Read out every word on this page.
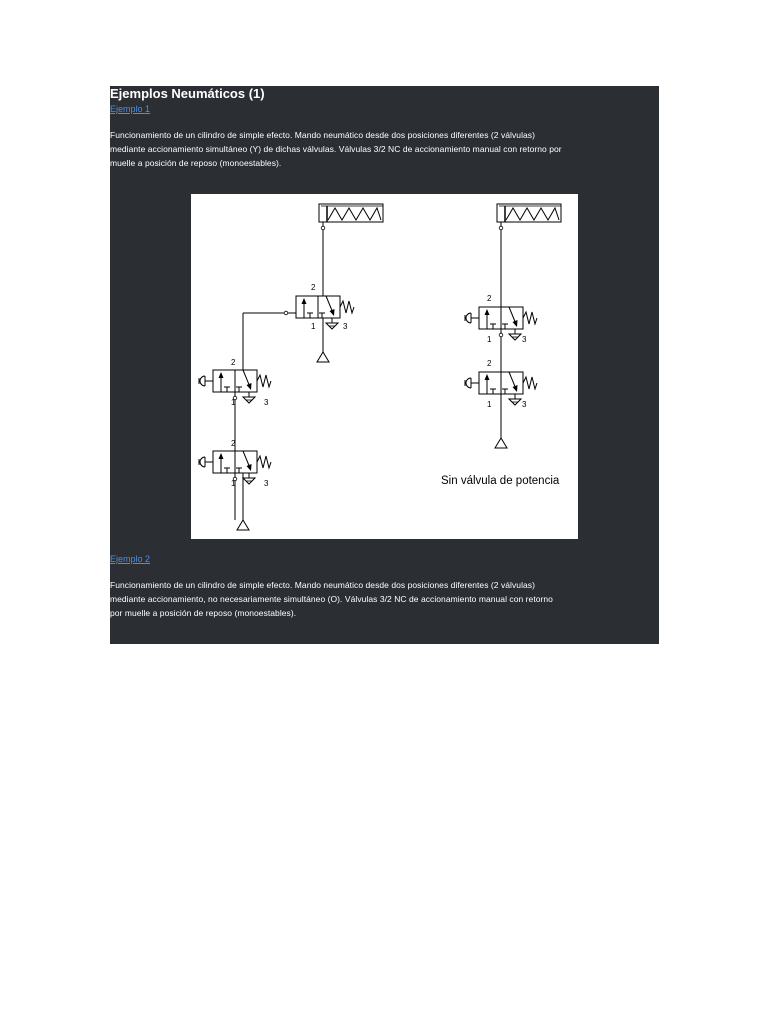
Ejemplos Neumáticos (1)
Ejemplo 1
Funcionamiento de un cilindro de simple efecto. Mando neumático desde dos posiciones diferentes (2 válvulas)
mediante accionamiento simultáneo (Y) de dichas válvulas. Válvulas 3/2 NC de accionamiento manual con retorno por
muelle a posición de reposo (monoestables).
2
1	3
2
1	3
2
1	3
2
1	3
2
1	3
Sin válvula de potencia
Ejemplo 2
Funcionamiento de un cilindro de simple efecto. Mando neumático desde dos posiciones diferentes (2 válvulas)
mediante accionamiento, no necesariamente simultáneo (O). Válvulas 3/2 NC de accionamiento manual con retorno
por muelle a posición de reposo (monoestables).
